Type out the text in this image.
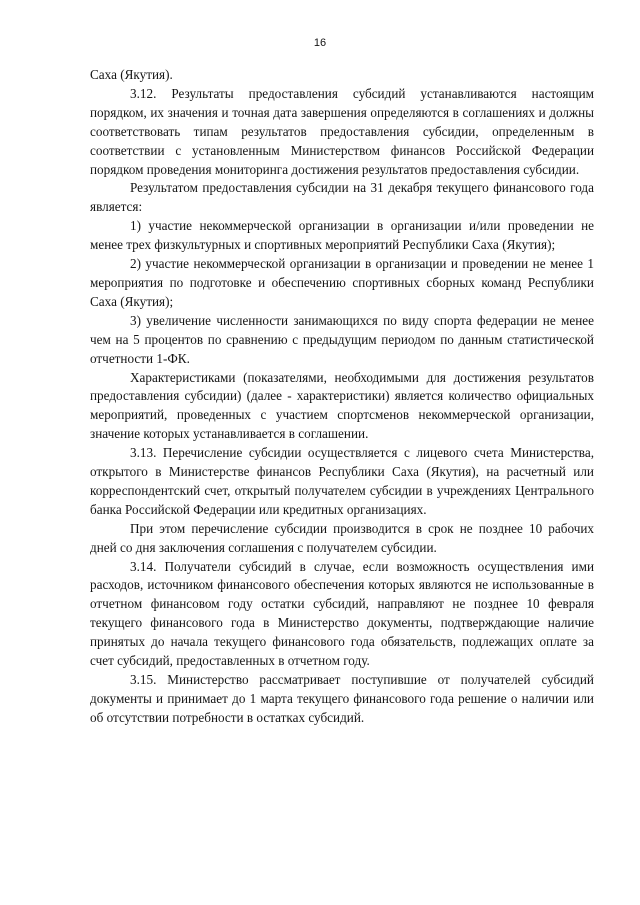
16

Саха (Якутия).

3.12. Результаты предоставления субсидий устанавливаются настоящим порядком, их значения и точная дата завершения определяются в соглашениях и должны соответствовать типам результатов предоставления субсидии, определенным в соответствии с установленным Министерством финансов Российской Федерации порядком проведения мониторинга достижения результатов предоставления субсидии.

Результатом предоставления субсидии на 31 декабря текущего финансового года является:

1) участие некоммерческой организации в организации и/или проведении не менее трех физкультурных и спортивных мероприятий Республики Саха (Якутия);

2) участие некоммерческой организации в организации и проведении не менее 1 мероприятия по подготовке и обеспечению спортивных сборных команд Республики Саха (Якутия);

3) увеличение численности занимающихся по виду спорта федерации не менее чем на 5 процентов по сравнению с предыдущим периодом по данным статистической отчетности 1-ФК.

Характеристиками (показателями, необходимыми для достижения результатов предоставления субсидии) (далее - характеристики) является количество официальных мероприятий, проведенных с участием спортсменов некоммерческой организации, значение которых устанавливается в соглашении.

3.13. Перечисление субсидии осуществляется с лицевого счета Министерства, открытого в Министерстве финансов Республики Саха (Якутия), на расчетный или корреспондентский счет, открытый получателем субсидии в учреждениях Центрального банка Российской Федерации или кредитных организациях.

При этом перечисление субсидии производится в срок не позднее 10 рабочих дней со дня заключения соглашения с получателем субсидии.

3.14. Получатели субсидий в случае, если возможность осуществления ими расходов, источником финансового обеспечения которых являются не использованные в отчетном финансовом году остатки субсидий, направляют не позднее 10 февраля текущего финансового года в Министерство документы, подтверждающие наличие принятых до начала текущего финансового года обязательств, подлежащих оплате за счет субсидий, предоставленных в отчетном году.

3.15. Министерство рассматривает поступившие от получателей субсидий документы и принимает до 1 марта текущего финансового года решение о наличии или об отсутствии потребности в остатках субсидий.
